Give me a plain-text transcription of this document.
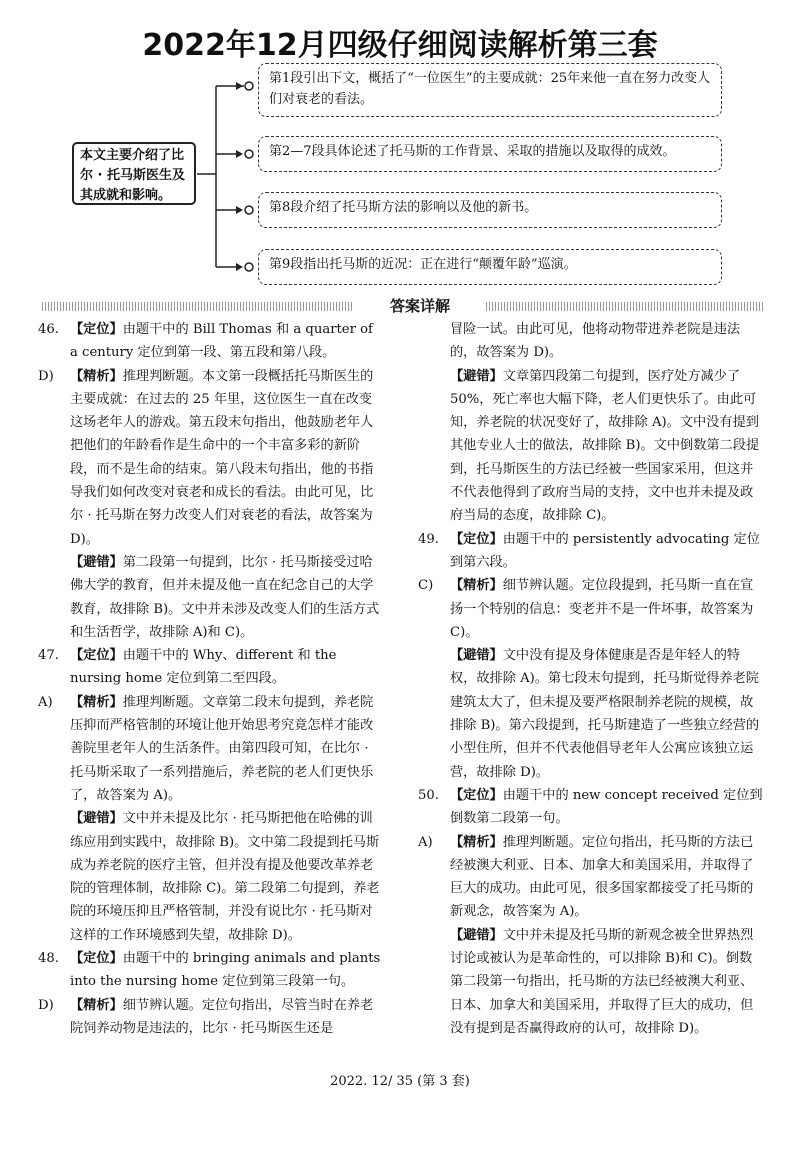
2022年12月四级仔细阅读解析第三套
本文主要介绍了比尔 · 托马斯医生及其成就和影响。
第1段引出下文，概括了“一位医生”的主要成就：25年来他一直在努力改变人们对衰老的看法。
第2—7段具体论述了托马斯的工作背景、采取的措施以及取得的成效。
第8段介绍了托马斯方法的影响以及他的新书。
第9段指出托马斯的近况：正在进行“颠覆年龄”巡演。
答案详解

46. 【定位】由题干中的 Bill Thomas 和 a quarter of a century 定位到第一段、第五段和第八段。

D) 【精析】推理判断题。本文第一段概括托马斯医生的主要成就：在过去的 25 年里，这位医生一直在改变这场老年人的游戏。第五段末句指出，他鼓励老年人把他们的年龄看作是生命中的一个丰富多彩的新阶段，而不是生命的结束。第八段末句指出，他的书指导我们如何改变对衰老和成长的看法。由此可见，比尔 · 托马斯在努力改变人们对衰老的看法，故答案为 D)。

【避错】第二段第一句提到，比尔 · 托马斯接受过哈佛大学的教育，但并未提及他一直在纪念自己的大学教育，故排除 B)。文中并未涉及改变人们的生活方式和生活哲学，故排除 A)和 C)。

47. 【定位】由题干中的 Why、different 和 the nursing home 定位到第二至四段。

A) 【精析】推理判断题。文章第二段末句提到，养老院压抑而严格管制的环境让他开始思考究竟怎样才能改善院里老年人的生活条件。由第四段可知，在比尔 · 托马斯采取了一系列措施后，养老院的老人们更快乐了，故答案为 A)。

【避错】文中并未提及比尔 · 托马斯把他在哈佛的训练应用到实践中，故排除 B)。文中第二段提到托马斯成为养老院的医疗主管，但并没有提及他要改革养老院的管理体制，故排除 C)。第二段第二句提到，养老院的环境压抑且严格管制，并没有说比尔 · 托马斯对这样的工作环境感到失望，故排除 D)。

48. 【定位】由题干中的 bringing animals and plants into the nursing home 定位到第三段第一句。

D) 【精析】细节辨认题。定位句指出，尽管当时在养老院饲养动物是违法的，比尔 · 托马斯医生还是

冒险一试。由此可见，他将动物带进养老院是违法的，故答案为 D)。

【避错】文章第四段第二句提到，医疗处方减少了 50%，死亡率也大幅下降，老人们更快乐了。由此可知，养老院的状况变好了，故排除 A)。文中没有提到其他专业人士的做法，故排除 B)。文中倒数第二段提到，托马斯医生的方法已经被一些国家采用，但这并不代表他得到了政府当局的支持，文中也并未提及政府当局的态度，故排除 C)。

49. 【定位】由题干中的 persistently advocating 定位到第六段。

C) 【精析】细节辨认题。定位段提到，托马斯一直在宣扬一个特别的信息：变老并不是一件坏事，故答案为 C)。

【避错】文中没有提及身体健康是否是年轻人的特权，故排除 A)。第七段末句提到，托马斯觉得养老院建筑太大了，但未提及要严格限制养老院的规模，故排除 B)。第六段提到，托马斯建造了一些独立经营的小型住所，但并不代表他倡导老年人公寓应该独立运营，故排除 D)。

50. 【定位】由题干中的 new concept received 定位到倒数第二段第一句。

A) 【精析】推理判断题。定位句指出，托马斯的方法已经被澳大利亚、日本、加拿大和美国采用，并取得了巨大的成功。由此可见，很多国家都接受了托马斯的新观念，故答案为 A)。

【避错】文中并未提及托马斯的新观念被全世界热烈讨论或被认为是革命性的，可以排除 B)和 C)。倒数第二段第一句指出，托马斯的方法已经被澳大利亚、日本、加拿大和美国采用，并取得了巨大的成功，但没有提到是否赢得政府的认可，故排除 D)。

2022. 12/ 35 (第 3 套)
